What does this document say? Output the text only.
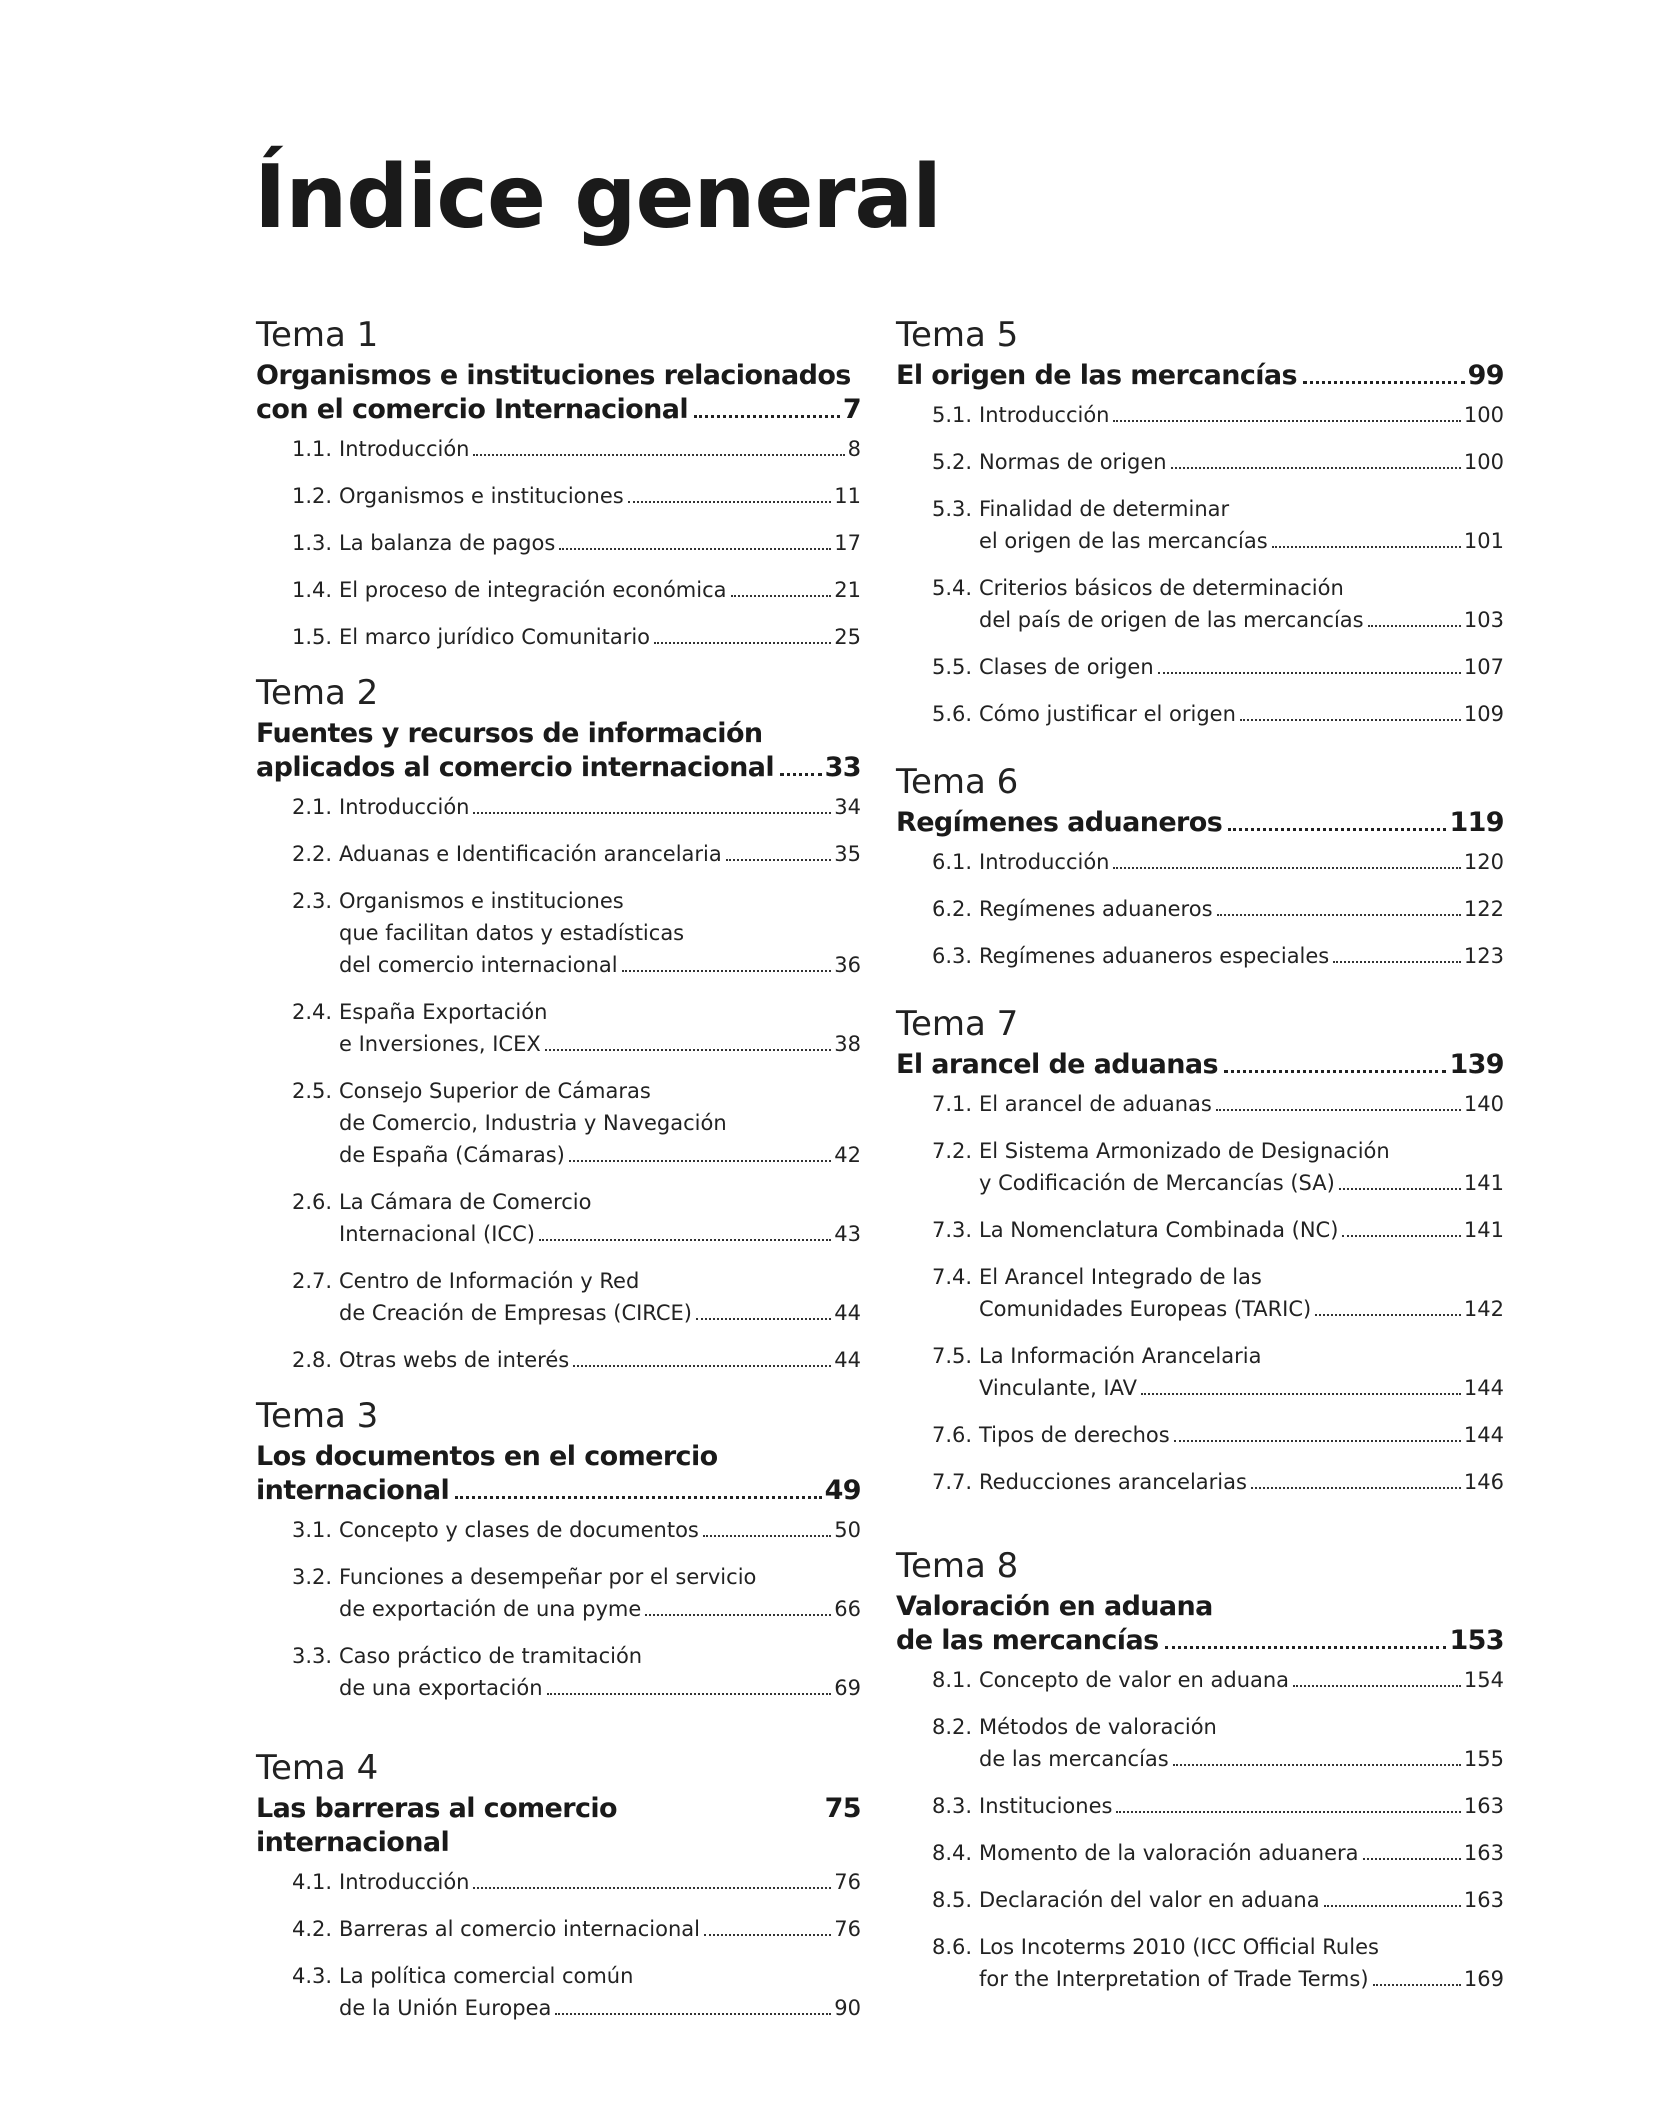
Índice general
Tema 1
Organismos e instituciones relacionados
con el comercio Internacional	7
1.1. Introducción	8
1.2. Organismos e instituciones	11
1.3. La balanza de pagos	17
1.4. El proceso de integración económica	21
1.5. El marco jurídico Comunitario	25
Tema 2
Fuentes y recursos de información
aplicados al comercio internacional 33
2.1. Introducción	34
2.2. Aduanas e Identificación arancelaria	35
2.3. Organismos e instituciones
que facilitan datos y estadísticas
del comercio internacional	36
2.4. España Exportación
e Inversiones, ICEX	38
2.5. Consejo Superior de Cámaras
de Comercio, Industria y Navegación
de España (Cámaras)	42
2.6. La Cámara de Comercio
Internacional (ICC)	43
2.7. Centro de Información y Red
de Creación de Empresas (CIRCE)	44
2.8. Otras webs de interés	44
Tema 3
Los documentos en el comercio
internacional	49
3.1. Concepto y clases de documentos	50
3.2. Funciones a desempeñar por el servicio
de exportación de una pyme	66
3.3. Caso práctico de tramitación
de una exportación	69
Tema 4
Las barreras al comercio internacional
75
4.1. Introducción	76
4.2. Barreras al comercio internacional	76
4.3. La política comercial común
de la Unión Europea	90
Tema 5
El origen de las mercancías	99
5.1. Introducción	100
5.2. Normas de origen	100
5.3. Finalidad de determinar
el origen de las mercancías	101
5.4. Criterios básicos de determinación
del país de origen de las mercancías	103
5.5. Clases de origen	107
5.6. Cómo justificar el origen	109
Tema 6
Regímenes aduaneros	119
6.1. Introducción	120
6.2. Regímenes aduaneros	122
6.3. Regímenes aduaneros especiales	123
Tema 7
El arancel de aduanas	139
7.1. El arancel de aduanas	140
7.2. El Sistema Armonizado de Designación
y Codificación de Mercancías (SA)	141
7.3. La Nomenclatura Combinada (NC)	141
7.4. El Arancel Integrado de las
Comunidades Europeas (TARIC)	142
7.5. La Información Arancelaria
Vinculante, IAV	144
7.6. Tipos de derechos	144
7.7. Reducciones arancelarias	146
Tema 8
Valoración en aduana
de las mercancías	153
8.1. Concepto de valor en aduana	154
8.2. Métodos de valoración
de las mercancías	155
8.3. Instituciones	163
8.4. Momento de la valoración aduanera	163
8.5. Declaración del valor en aduana	163
8.6. Los Incoterms 2010 (ICC Official Rules
for the Interpretation of Trade Terms)	169
